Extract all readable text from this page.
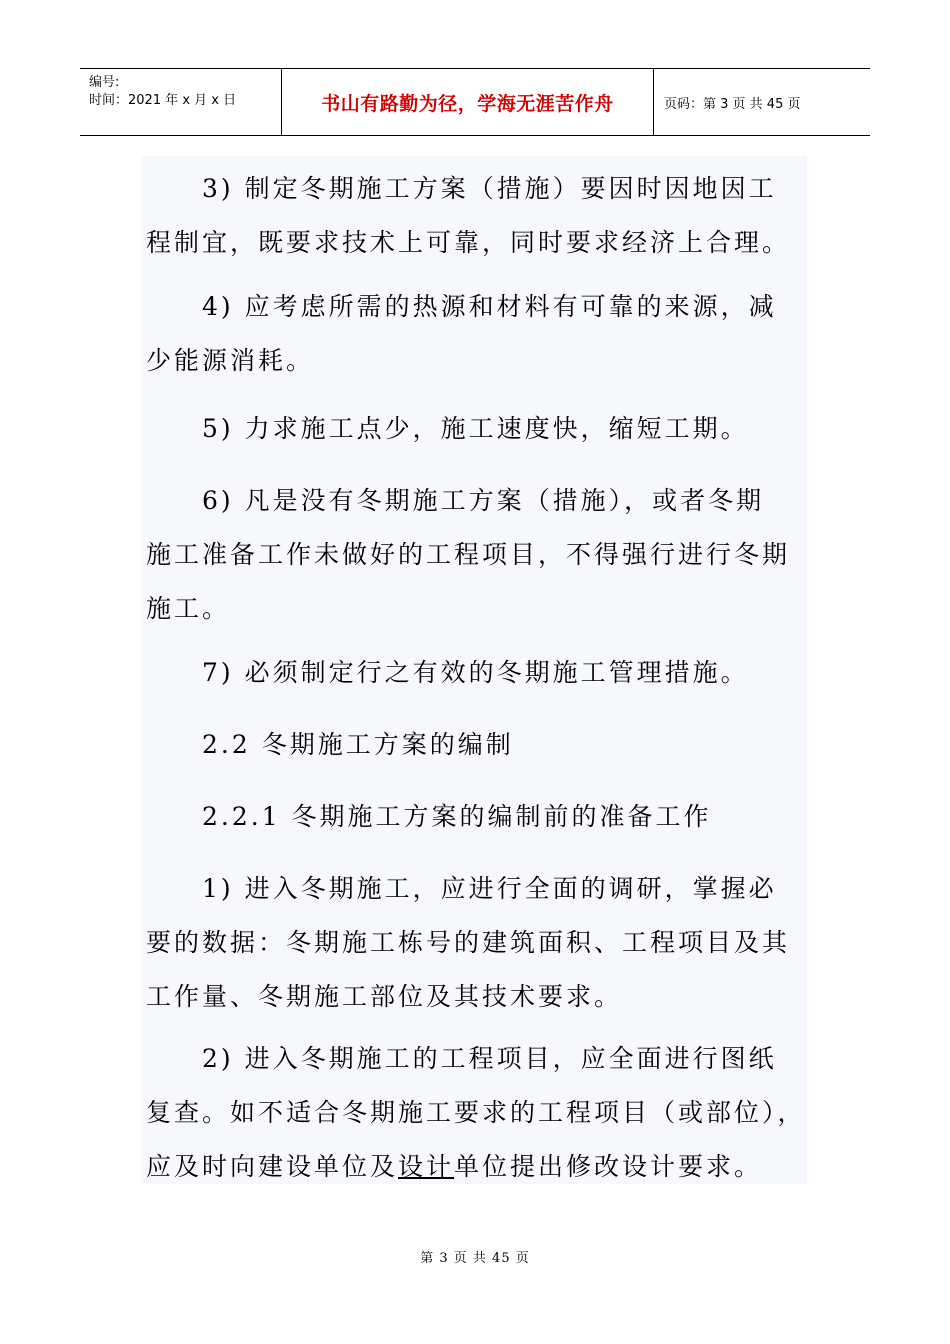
编号:
时间：2021 年 x 月 x 日	书山有路勤为径，学海无涯苦作舟	页码：第 3 页 共 45 页

　　3) 制定冬期施工方案（措施）要因时因地因工
程制宜，既要求技术上可靠，同时要求经济上合理。

　　4) 应考虑所需的热源和材料有可靠的来源，减
少能源消耗。

　　5) 力求施工点少，施工速度快，缩短工期。

　　6) 凡是没有冬期施工方案（措施），或者冬期
施工准备工作未做好的工程项目，不得强行进行冬期
施工。

　　7) 必须制定行之有效的冬期施工管理措施。

　　2.2 冬期施工方案的编制

　　2.2.1 冬期施工方案的编制前的准备工作

　　1) 进入冬期施工，应进行全面的调研，掌握必
要的数据：冬期施工栋号的建筑面积、工程项目及其
工作量、冬期施工部位及其技术要求。

　　2) 进入冬期施工的工程项目，应全面进行图纸
复查。如不适合冬期施工要求的工程项目（或部位），
应及时向建设单位及设计单位提出修改设计要求。

第 3 页 共 45 页
